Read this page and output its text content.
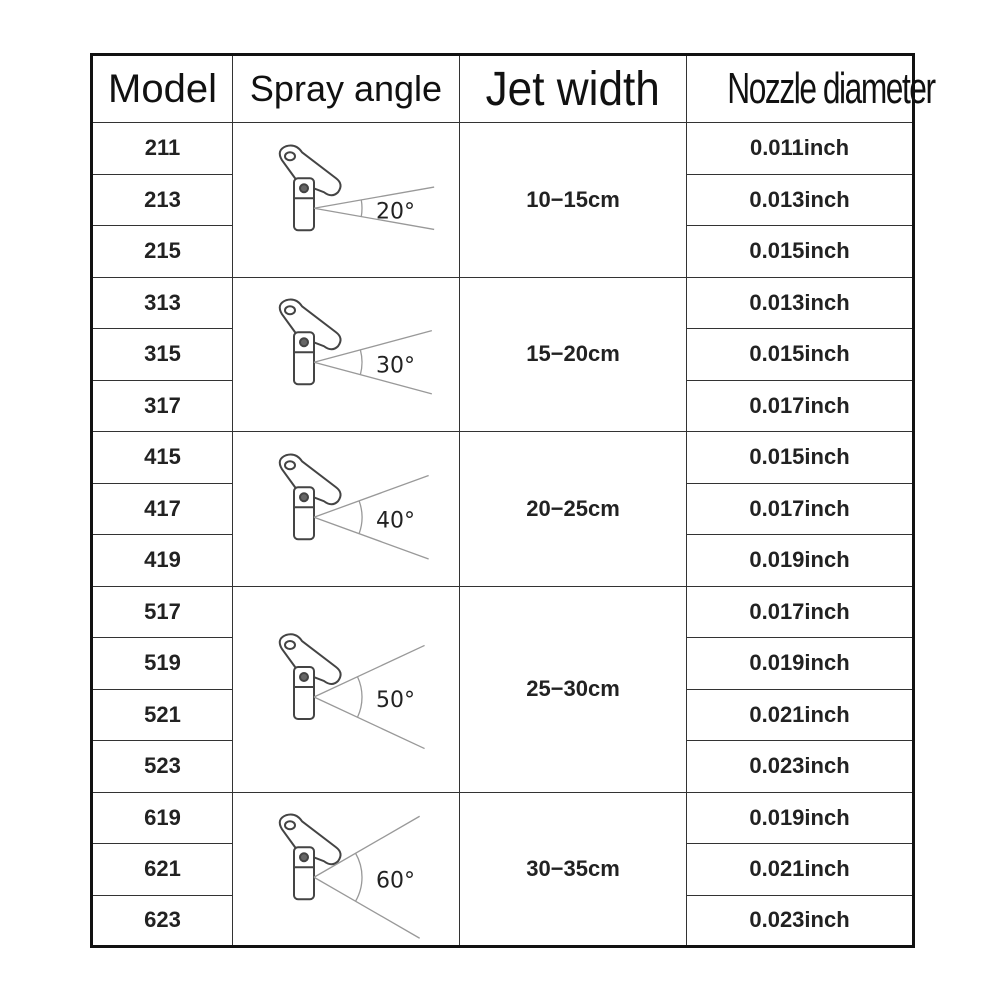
Model	Spray angle	Jet width	Nozzle diameter
211	20°	10−15cm	0.011inch
213			0.013inch
215			0.015inch
313	30°	15−20cm	0.013inch
315			0.015inch
317			0.017inch
415	40°	20−25cm	0.015inch
417			0.017inch
419			0.019inch
517	50°	25−30cm	0.017inch
519			0.019inch
521			0.021inch
523			0.023inch
619	60°	30−35cm	0.019inch
621			0.021inch
623			0.023inch
